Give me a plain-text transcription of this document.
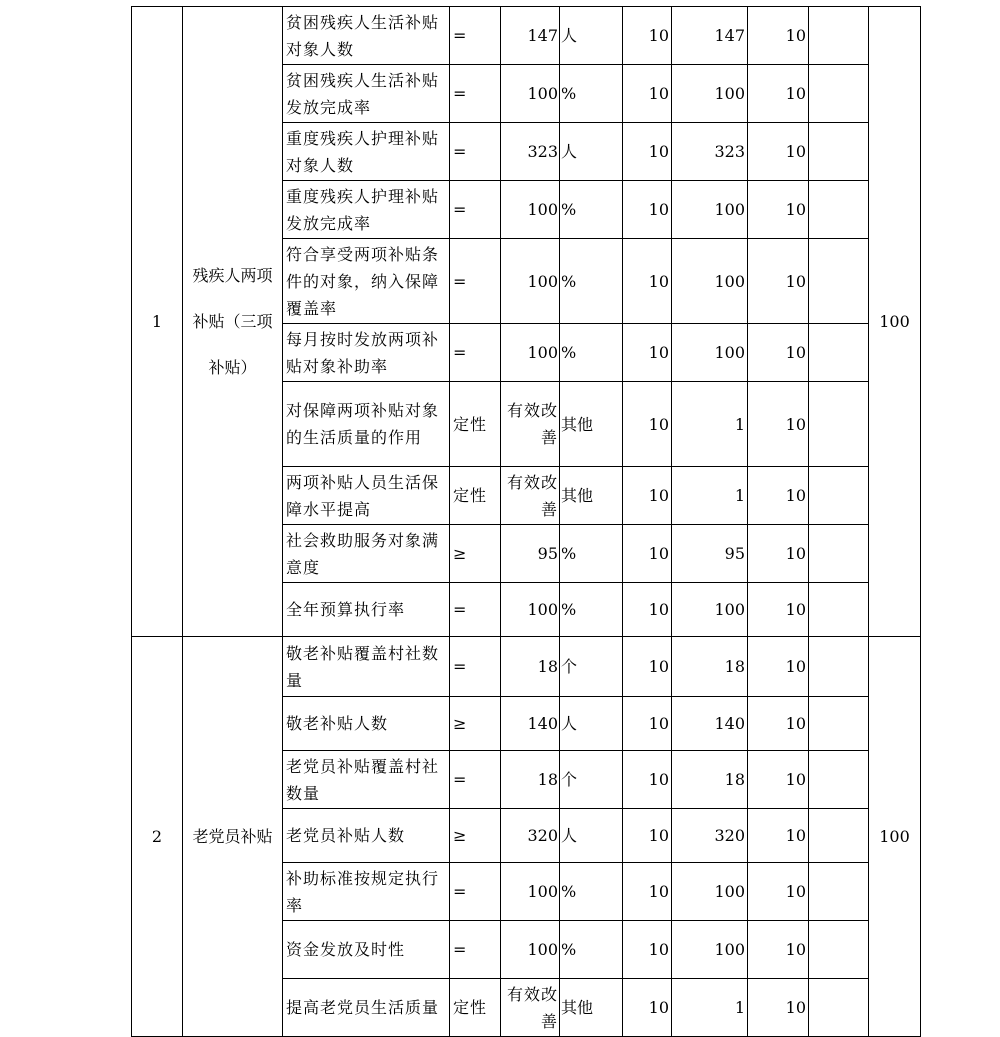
1	残疾人两项补贴（三项补贴）	贫困残疾人生活补贴对象人数	=	147	人	10	147	10		100
		贫困残疾人生活补贴发放完成率	=	100	%	10	100	10		
		重度残疾人护理补贴对象人数	=	323	人	10	323	10		
		重度残疾人护理补贴发放完成率	=	100	%	10	100	10		
		符合享受两项补贴条件的对象，纳入保障覆盖率	=	100	%	10	100	10		
		每月按时发放两项补贴对象补助率	=	100	%	10	100	10		
		对保障两项补贴对象的生活质量的作用	定性	有效改善	其他	10	1	10		
		两项补贴人员生活保障水平提高	定性	有效改善	其他	10	1	10		
		社会救助服务对象满意度	≥	95	%	10	95	10		
		全年预算执行率	=	100	%	10	100	10		
2	老党员补贴	敬老补贴覆盖村社数量	=	18	个	10	18	10		100
		敬老补贴人数	≥	140	人	10	140	10		
		老党员补贴覆盖村社数量	=	18	个	10	18	10		
		老党员补贴人数	≥	320	人	10	320	10		
		补助标准按规定执行率	=	100	%	10	100	10		
		资金发放及时性	=	100	%	10	100	10		
		提高老党员生活质量	定性	有效改善	其他	10	1	10		
